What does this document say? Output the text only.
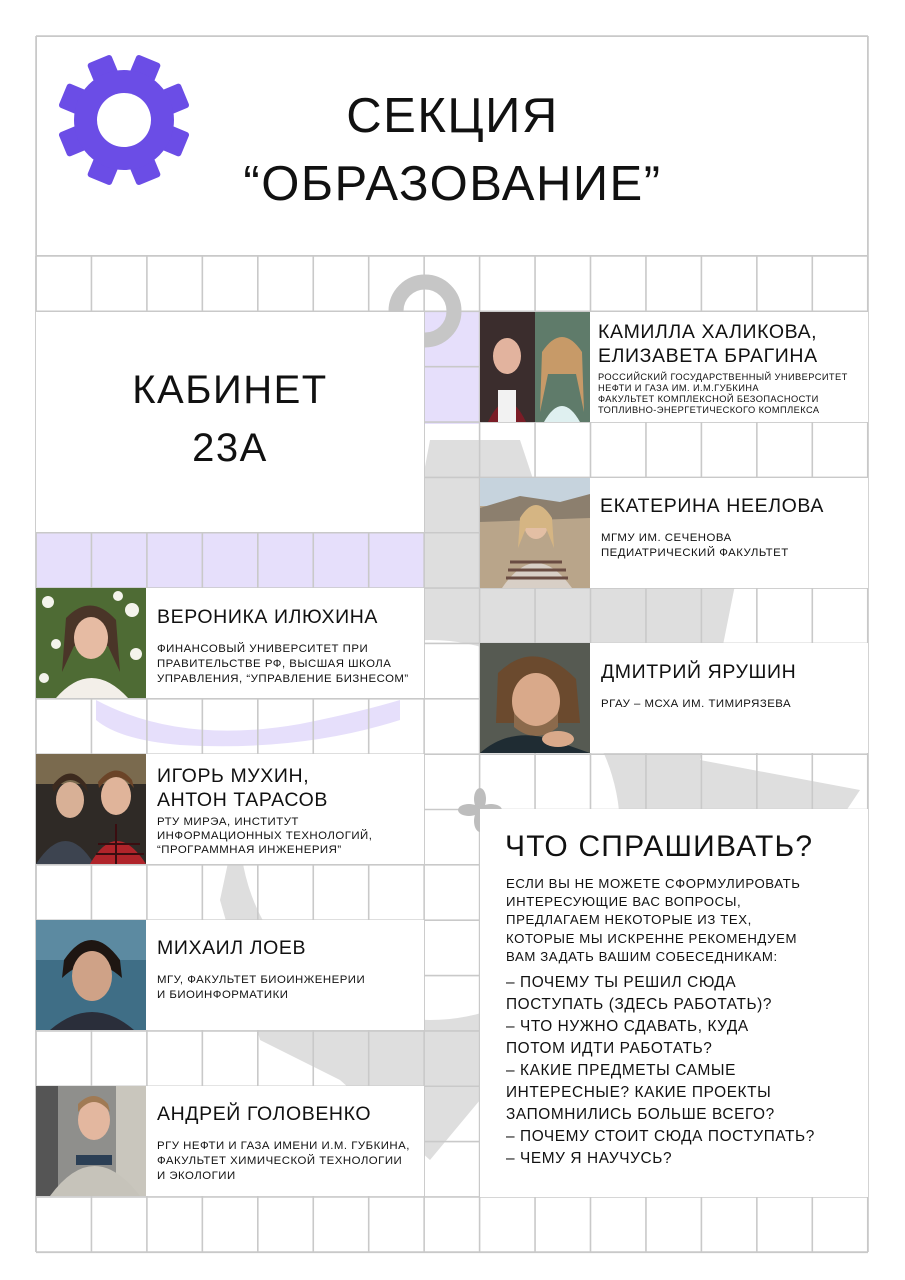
СЕКЦИЯ
“ОБРАЗОВАНИЕ”
КАБИНЕТ
23А
КАМИЛЛА ХАЛИКОВА,
ЕЛИЗАВЕТА БРАГИНА
РОССИЙСКИЙ ГОСУДАРСТВЕННЫЙ УНИВЕРСИТЕТ
НЕФТИ И ГАЗА ИМ. И.М.ГУБКИНА
ФАКУЛЬТЕТ КОМПЛЕКСНОЙ БЕЗОПАСНОСТИ
ТОПЛИВНО-ЭНЕРГЕТИЧЕСКОГО КОМПЛЕКСА
ЕКАТЕРИНА НЕЕЛОВА
МГМУ ИМ. СЕЧЕНОВА
ПЕДИАТРИЧЕСКИЙ ФАКУЛЬТЕТ
ДМИТРИЙ ЯРУШИН
РГАУ – МСХА ИМ. ТИМИРЯЗЕВА
ВЕРОНИКА ИЛЮХИНА
ФИНАНСОВЫЙ УНИВЕРСИТЕТ ПРИ
ПРАВИТЕЛЬСТВЕ РФ, ВЫСШАЯ ШКОЛА
УПРАВЛЕНИЯ, “УПРАВЛЕНИЕ БИЗНЕСОМ”
ИГОРЬ МУХИН,
АНТОН ТАРАСОВ
РТУ МИРЭА, ИНСТИТУТ
ИНФОРМАЦИОННЫХ ТЕХНОЛОГИЙ,
“ПРОГРАММНАЯ ИНЖЕНЕРИЯ”
МИХАИЛ ЛОЕВ
МГУ, ФАКУЛЬТЕТ БИОИНЖЕНЕРИИ
И БИОИНФОРМАТИКИ
АНДРЕЙ ГОЛОВЕНКО
РГУ НЕФТИ И ГАЗА ИМЕНИ И.М. ГУБКИНА,
ФАКУЛЬТЕТ ХИМИЧЕСКОЙ ТЕХНОЛОГИИ
И ЭКОЛОГИИ
ЧТО СПРАШИВАТЬ?
ЕСЛИ ВЫ НЕ МОЖЕТЕ СФОРМУЛИРОВАТЬ
ИНТЕРЕСУЮЩИЕ ВАС ВОПРОСЫ,
ПРЕДЛАГАЕМ НЕКОТОРЫЕ ИЗ ТЕХ,
КОТОРЫЕ МЫ ИСКРЕННЕ РЕКОМЕНДУЕМ
ВАМ ЗАДАТЬ ВАШИМ СОБЕСЕДНИКАМ:
– ПОЧЕМУ ТЫ РЕШИЛ СЮДА
ПОСТУПАТЬ (ЗДЕСЬ РАБОТАТЬ)?
– ЧТО НУЖНО СДАВАТЬ, КУДА
ПОТОМ ИДТИ РАБОТАТЬ?
– КАКИЕ ПРЕДМЕТЫ САМЫЕ
ИНТЕРЕСНЫЕ? КАКИЕ ПРОЕКТЫ
ЗАПОМНИЛИСЬ БОЛЬШЕ ВСЕГО?
– ПОЧЕМУ СТОИТ СЮДА ПОСТУПАТЬ?
– ЧЕМУ Я НАУЧУСЬ?
